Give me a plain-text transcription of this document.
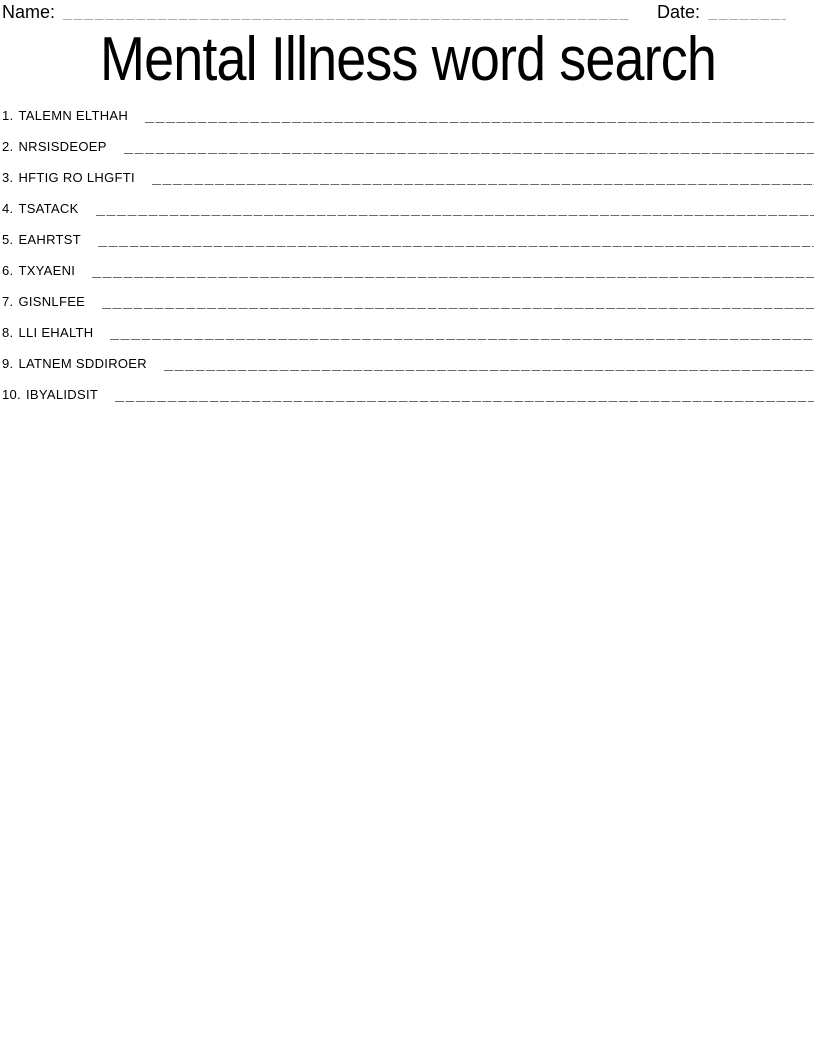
Name:	Date:
Mental Illness word search
1. TALEMN ELTHAH
2. NRSISDEOEP
3. HFTIG RO LHGFTI
4. TSATACK
5. EAHRTST
6. TXYAENI
7. GISNLFEE
8. LLI EHALTH
9. LATNEM SDDIROER
10. IBYALIDSIT
